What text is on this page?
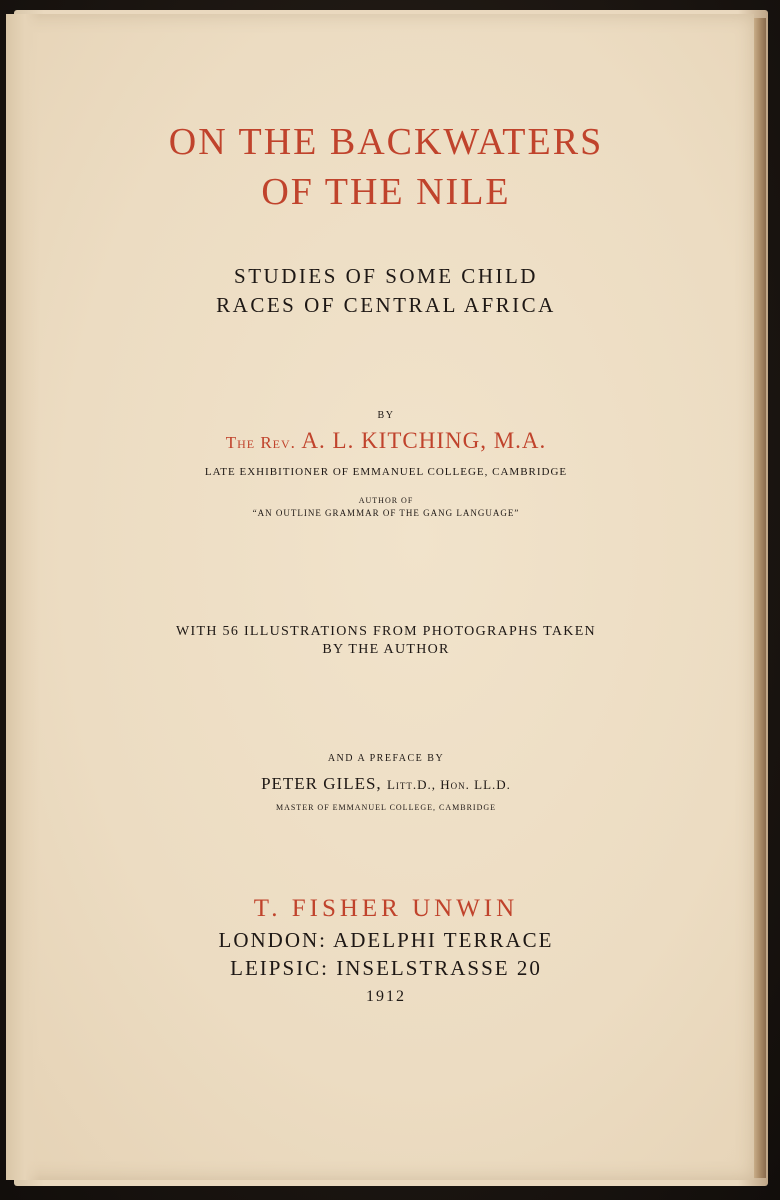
ON THE BACKWATERS
OF THE NILE
STUDIES OF SOME CHILD
RACES OF CENTRAL AFRICA
BY
The Rev. A. L. KITCHING, M.A.
LATE EXHIBITIONER OF EMMANUEL COLLEGE, CAMBRIDGE
AUTHOR OF
“AN OUTLINE GRAMMAR OF THE GANG LANGUAGE”
WITH 56 ILLUSTRATIONS FROM PHOTOGRAPHS TAKEN
BY THE AUTHOR
AND A PREFACE BY
PETER GILES, Litt.D., Hon. LL.D.
MASTER OF EMMANUEL COLLEGE, CAMBRIDGE
T. FISHER UNWIN
LONDON: ADELPHI TERRACE
LEIPSIC: INSELSTRASSE 20
1912
